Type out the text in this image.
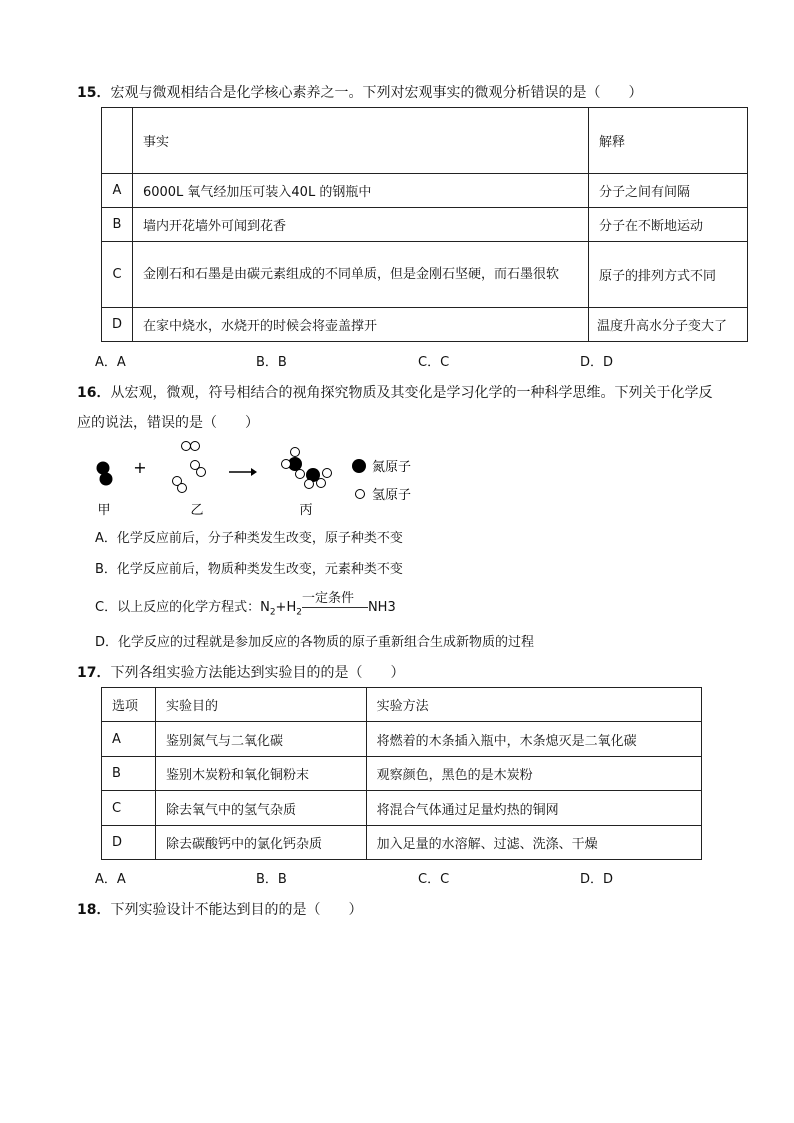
15．宏观与微观相结合是化学核心素养之一。下列对宏观事实的微观分析错误的是（　　）
	事实	解释
A	6000L 氧气经加压可装入40L 的钢瓶中	分子之间有间隔
B	墙内开花墙外可闻到花香	分子在不断地运动
C	金刚石和石墨是由碳元素组成的不同单质，但是金刚石坚硬，而石墨很软	原子的排列方式不同
D	在家中烧水，水烧开的时候会将壶盖撑开	温度升高水分子变大了
A．A	B．B	C．C	D．D
16．从宏观，微观，符号相结合的视角探究物质及其变化是学习化学的一种科学思维。下列关于化学反
应的说法，错误的是（　　）
甲
+
乙	丙
氮原子
氢原子
A．化学反应前后，分子种类发生改变，原子种类不变
B．化学反应前后，物质种类发生改变，元素种类不变
C．以上反应的化学方程式：$N_2+H_2$
一定条件
NH3
D．化学反应的过程就是参加反应的各物质的原子重新组合生成新物质的过程
17．下列各组实验方法能达到实验目的的是（　　）
选项	实验目的	实验方法
A	鉴别氮气与二氧化碳	将燃着的木条插入瓶中，木条熄灭是二氧化碳
B	鉴别木炭粉和氧化铜粉末	观察颜色，黑色的是木炭粉
C	除去氧气中的氢气杂质	将混合气体通过足量灼热的铜网
D	除去碳酸钙中的氯化钙杂质	加入足量的水溶解、过滤、洗涤、干燥
A．A	B．B	C．C	D．D
18．下列实验设计不能达到目的的是（　　）
